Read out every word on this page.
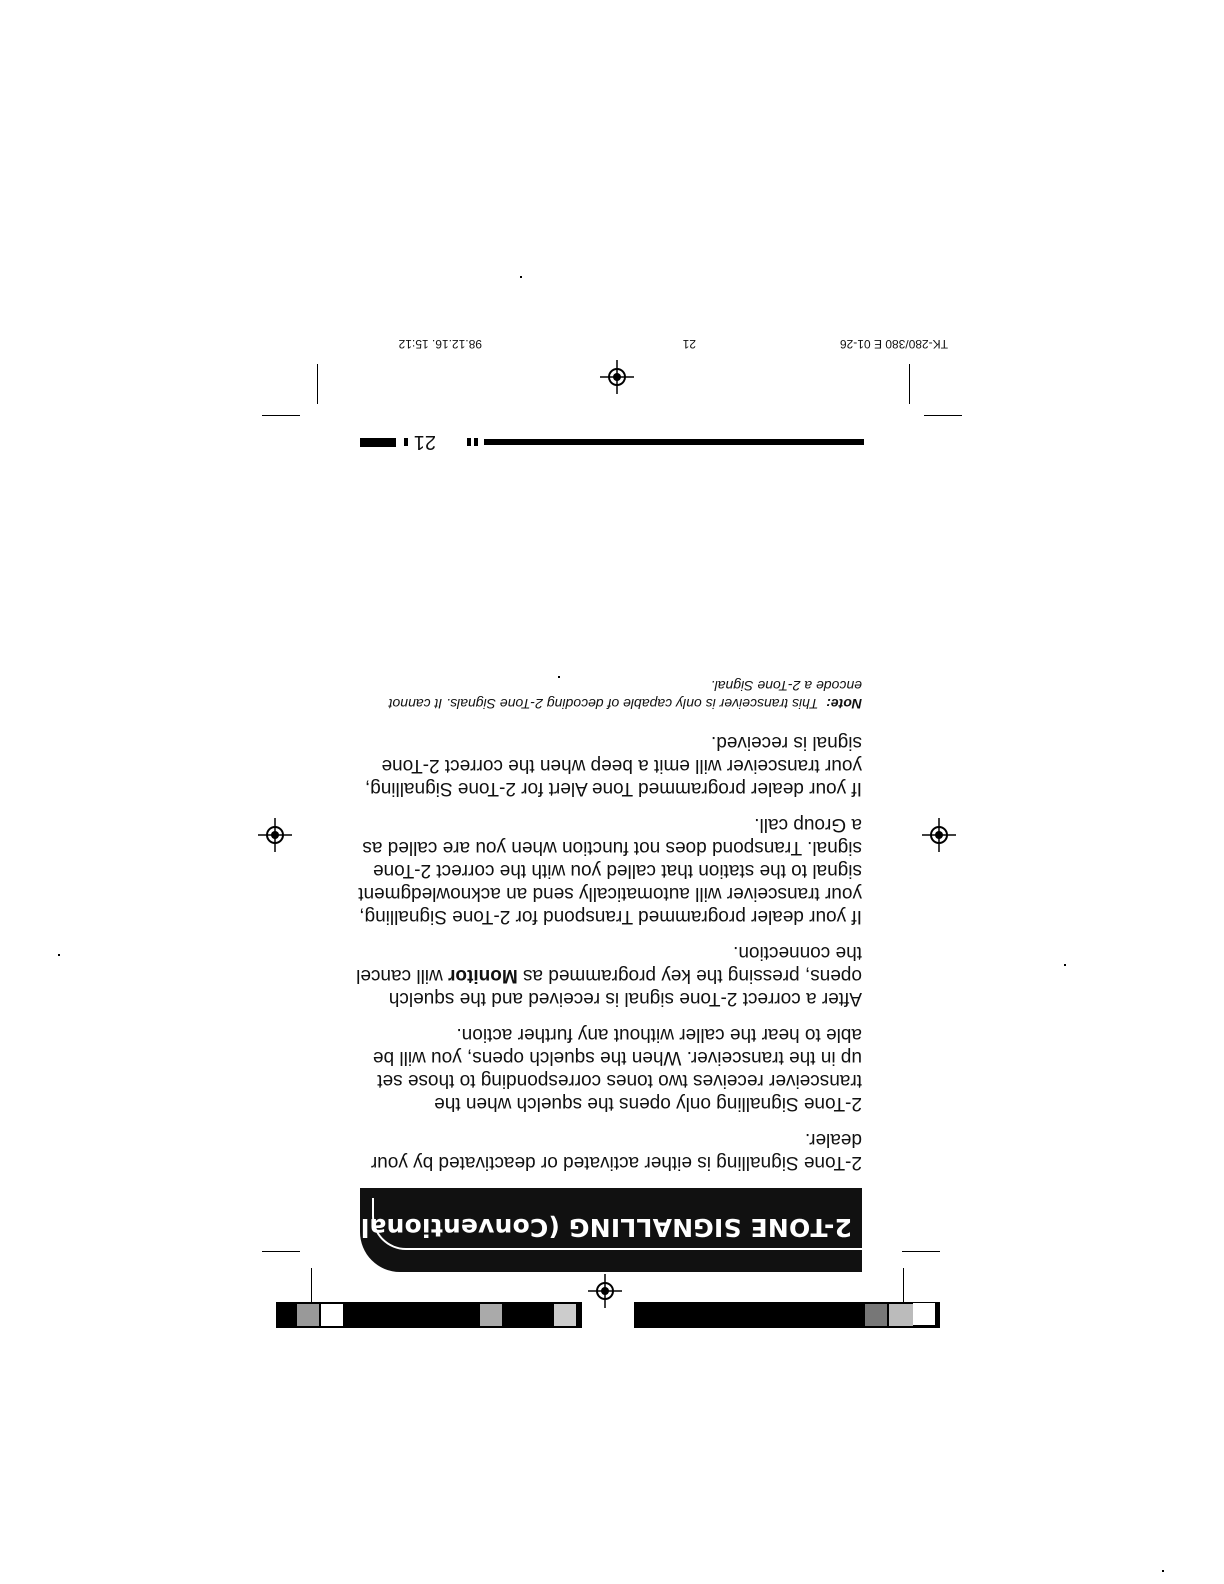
2-TONE SIGNALLING (Conventional Format)

2-Tone Signalling is either activated or deactivated by your dealer.

2-Tone Signalling only opens the squelch when the transceiver receives two tones corresponding to those set up in the transceiver. When the squelch opens, you will be able to hear the caller without any further action.

After a correct 2-Tone signal is received and the squelch opens, pressing the key programmed as Monitor will cancel the connection.

If your dealer programmed Transpond for 2-Tone Signalling, your transceiver will automatically send an acknowledgment signal to the station that called you with the correct 2-Tone signal. Transpond does not function when you are called as a Group call.

If your dealer programmed Tone Alert for 2-Tone Signalling, your transceiver will emit a beep when the correct 2-Tone signal is received.

Note:  This transceiver is only capable of decoding 2-Tone Signals. It cannot encode a 2-Tone Signal.
21
TK-280/380 E 01-26
21
98.12.16. 15:12
